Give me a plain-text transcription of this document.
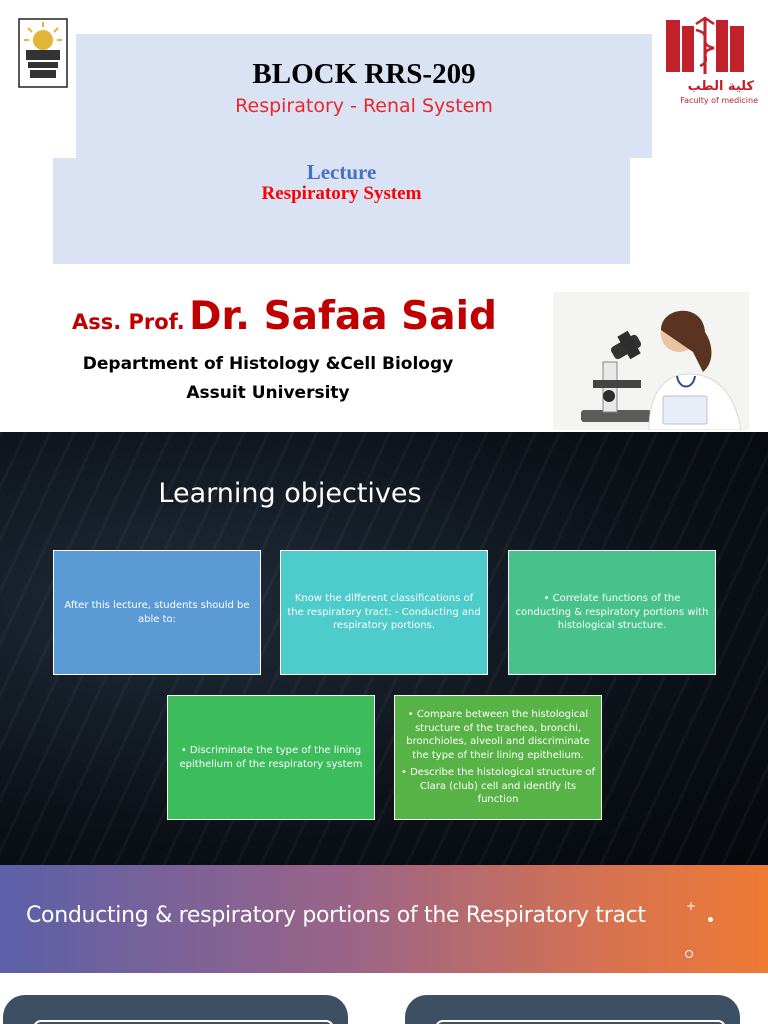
كلية الطب
Faculty of medicine
BLOCK RRS-209
Respiratory - Renal System
Lecture
Respiratory System
Ass. Prof. Dr. Safaa Said
Department of Histology &Cell Biology
Assuit University
Learning objectives
After this lecture, students should be able to:
Know the different classifications of the respiratory tract: - Conducting and respiratory portions.
• Correlate functions of the conducting & respiratory portions with histological structure.
• Discriminate the type of the lining epithelium of the respiratory system
• Compare between the histological structure of the trachea, bronchi, bronchioles, alveoli and discriminate the type of their lining epithelium.
• Describe the histological structure of Clara (club) cell and identify its function
Conducting & respiratory portions of the Respiratory tract	+
